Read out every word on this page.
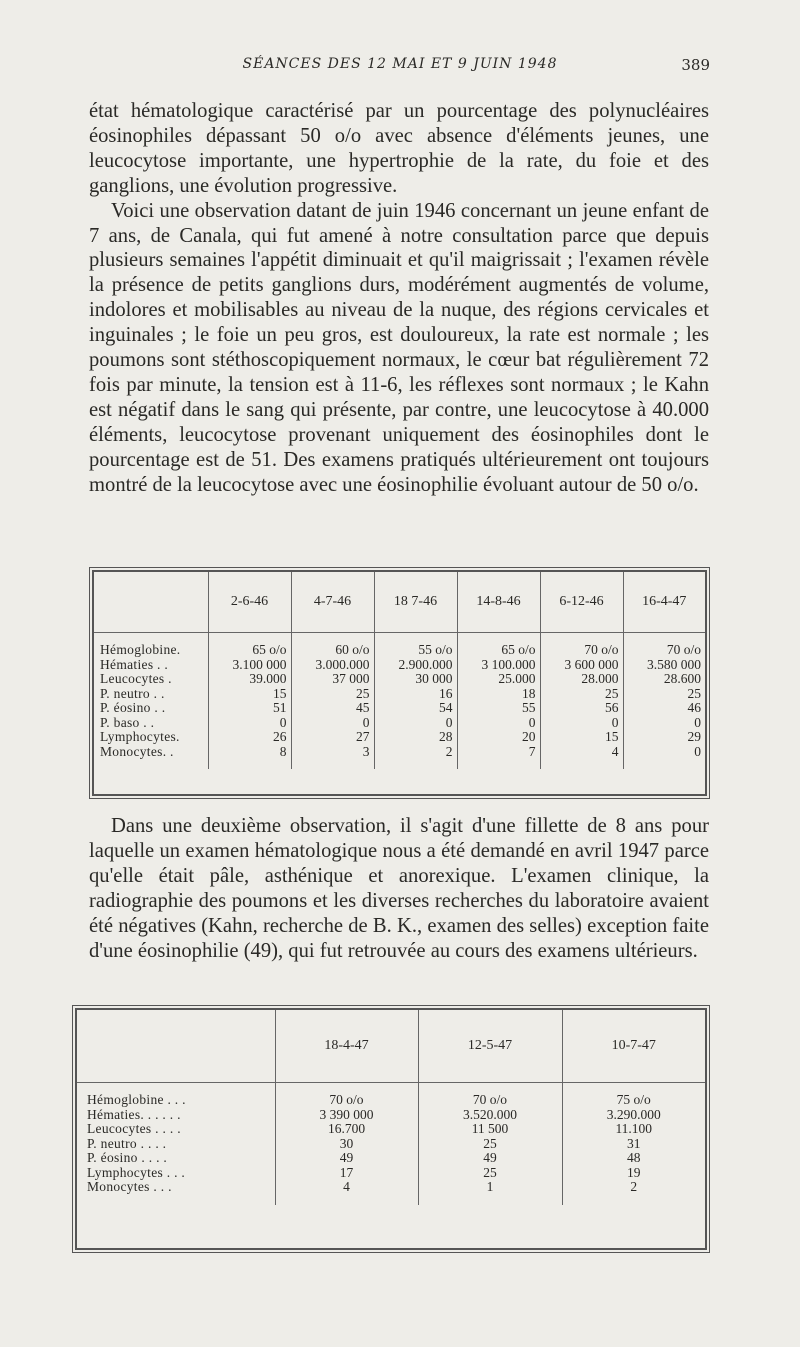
SÉANCES DES 12 MAI ET 9 JUIN 1948	389

état hématologique caractérisé par un pourcentage des polynucléaires éosinophiles dépassant 50 o/o avec absence d'éléments jeunes, une leucocytose importante, une hypertrophie de la rate, du foie et des ganglions, une évolution progressive.

Voici une observation datant de juin 1946 concernant un jeune enfant de 7 ans, de Canala, qui fut amené à notre consultation parce que depuis plusieurs semaines l'appétit diminuait et qu'il maigrissait ; l'examen révèle la présence de petits ganglions durs, modérément augmentés de volume, indolores et mobilisables au niveau de la nuque, des régions cervicales et inguinales ; le foie un peu gros, est douloureux, la rate est normale ; les poumons sont stéthoscopiquement normaux, le cœur bat régulièrement 72 fois par minute, la tension est à 11-6, les réflexes sont normaux ; le Kahn est négatif dans le sang qui présente, par contre, une leucocytose à 40.000 éléments, leucocytose provenant uniquement des éosinophiles dont le pourcentage est de 51. Des examens pratiqués ultérieurement ont toujours montré de la leucocytose avec une éosinophilie évoluant autour de 50 o/o.

	2-6-46	4-7-46	18 7-46	14-8-46	6-12-46	16-4-47

Hémoglobine.	65 o/o	60 o/o	55 o/o	65 o/o	70 o/o	70 o/o
Hématies . .	3.100 000	3.000.000	2.900.000	3 100.000	3 600 000	3.580 000
Leucocytes .	39.000	37 000	30 000	25.000	28.000	28.600
P. neutro . .	15	25	16	18	25	25
P. éosino . .	51	45	54	55	56	46
P. baso . .	0	0	0	0	0	0
Lymphocytes.	26	27	28	20	15	29
Monocytes. .	8	3	2	7	4	0

Dans une deuxième observation, il s'agit d'une fillette de 8 ans pour laquelle un examen hématologique nous a été demandé en avril 1947 parce qu'elle était pâle, asthénique et anorexique. L'examen clinique, la radiographie des poumons et les diverses recherches du laboratoire avaient été négatives (Kahn, recherche de B. K., examen des selles) exception faite d'une éosinophilie (49), qui fut retrouvée au cours des examens ultérieurs.

	18-4-47	12-5-47	10-7-47

Hémoglobine . . .	70 o/o	70 o/o	75 o/o
Hématies. . . . . .	3 390 000	3.520.000	3.290.000
Leucocytes . . . .	16.700	11 500	11.100
P. neutro . . . .	30	25	31
P. éosino . . . .	49	49	48
Lymphocytes . . .	17	25	19
Monocytes . . .	4	1	2
